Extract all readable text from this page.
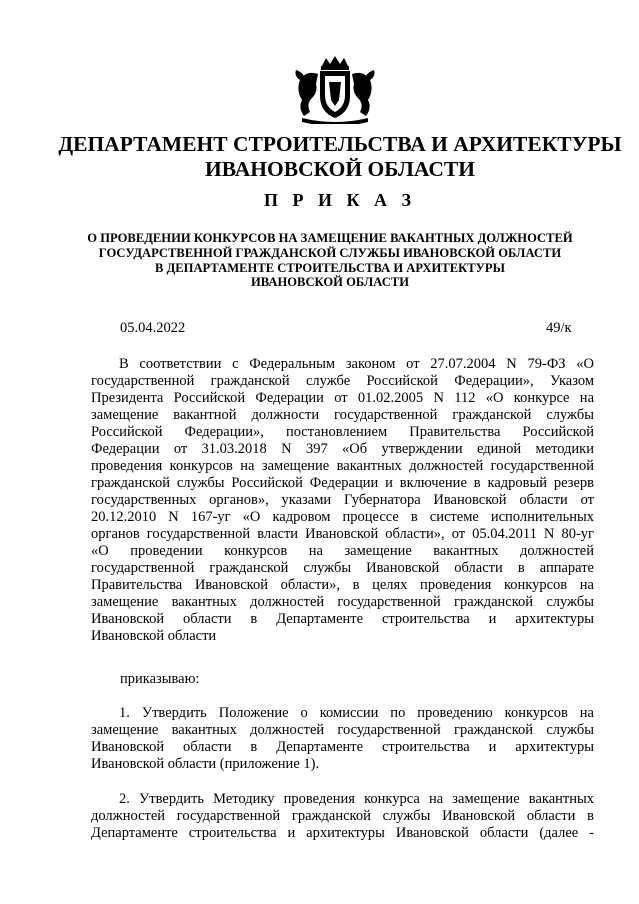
ДЕПАРТАМЕНТ СТРОИТЕЛЬСТВА И АРХИТЕКТУРЫ
ИВАНОВСКОЙ ОБЛАСТИ
П Р И К А З
О ПРОВЕДЕНИИ КОНКУРСОВ НА ЗАМЕЩЕНИЕ ВАКАНТНЫХ ДОЛЖНОСТЕЙ
ГОСУДАРСТВЕННОЙ ГРАЖДАНСКОЙ СЛУЖБЫ ИВАНОВСКОЙ ОБЛАСТИ
В ДЕПАРТАМЕНТЕ СТРОИТЕЛЬСТВА И АРХИТЕКТУРЫ
ИВАНОВСКОЙ ОБЛАСТИ
05.04.2022	49/к
В соответствии с Федеральным законом от 27.07.2004 N 79-ФЗ «О
государственной гражданской службе Российской Федерации», Указом
Президента Российской Федерации от 01.02.2005 N 112 «О конкурсе на
замещение вакантной должности государственной гражданской службы
Российской Федерации», постановлением Правительства Российской
Федерации от 31.03.2018 N 397 «Об утверждении единой методики
проведения конкурсов на замещение вакантных должностей государственной
гражданской службы Российской Федерации и включение в кадровый резерв
государственных органов», указами Губернатора Ивановской области от
20.12.2010 N 167-уг «О кадровом процессе в системе исполнительных
органов государственной власти Ивановской области», от 05.04.2011 N 80-уг
«О проведении конкурсов на замещение вакантных должностей
государственной гражданской службы Ивановской области в аппарате
Правительства Ивановской области», в целях проведения конкурсов на
замещение вакантных должностей государственной гражданской службы
Ивановской области в Департаменте строительства и архитектуры
Ивановской области
приказываю:
1. Утвердить Положение о комиссии по проведению конкурсов на
замещение вакантных должностей государственной гражданской службы
Ивановской области в Департаменте строительства и архитектуры
Ивановской области (приложение 1).
2. Утвердить Методику проведения конкурса на замещение вакантных
должностей государственной гражданской службы Ивановской области в
Департаменте строительства и архитектуры Ивановской области (далее -
